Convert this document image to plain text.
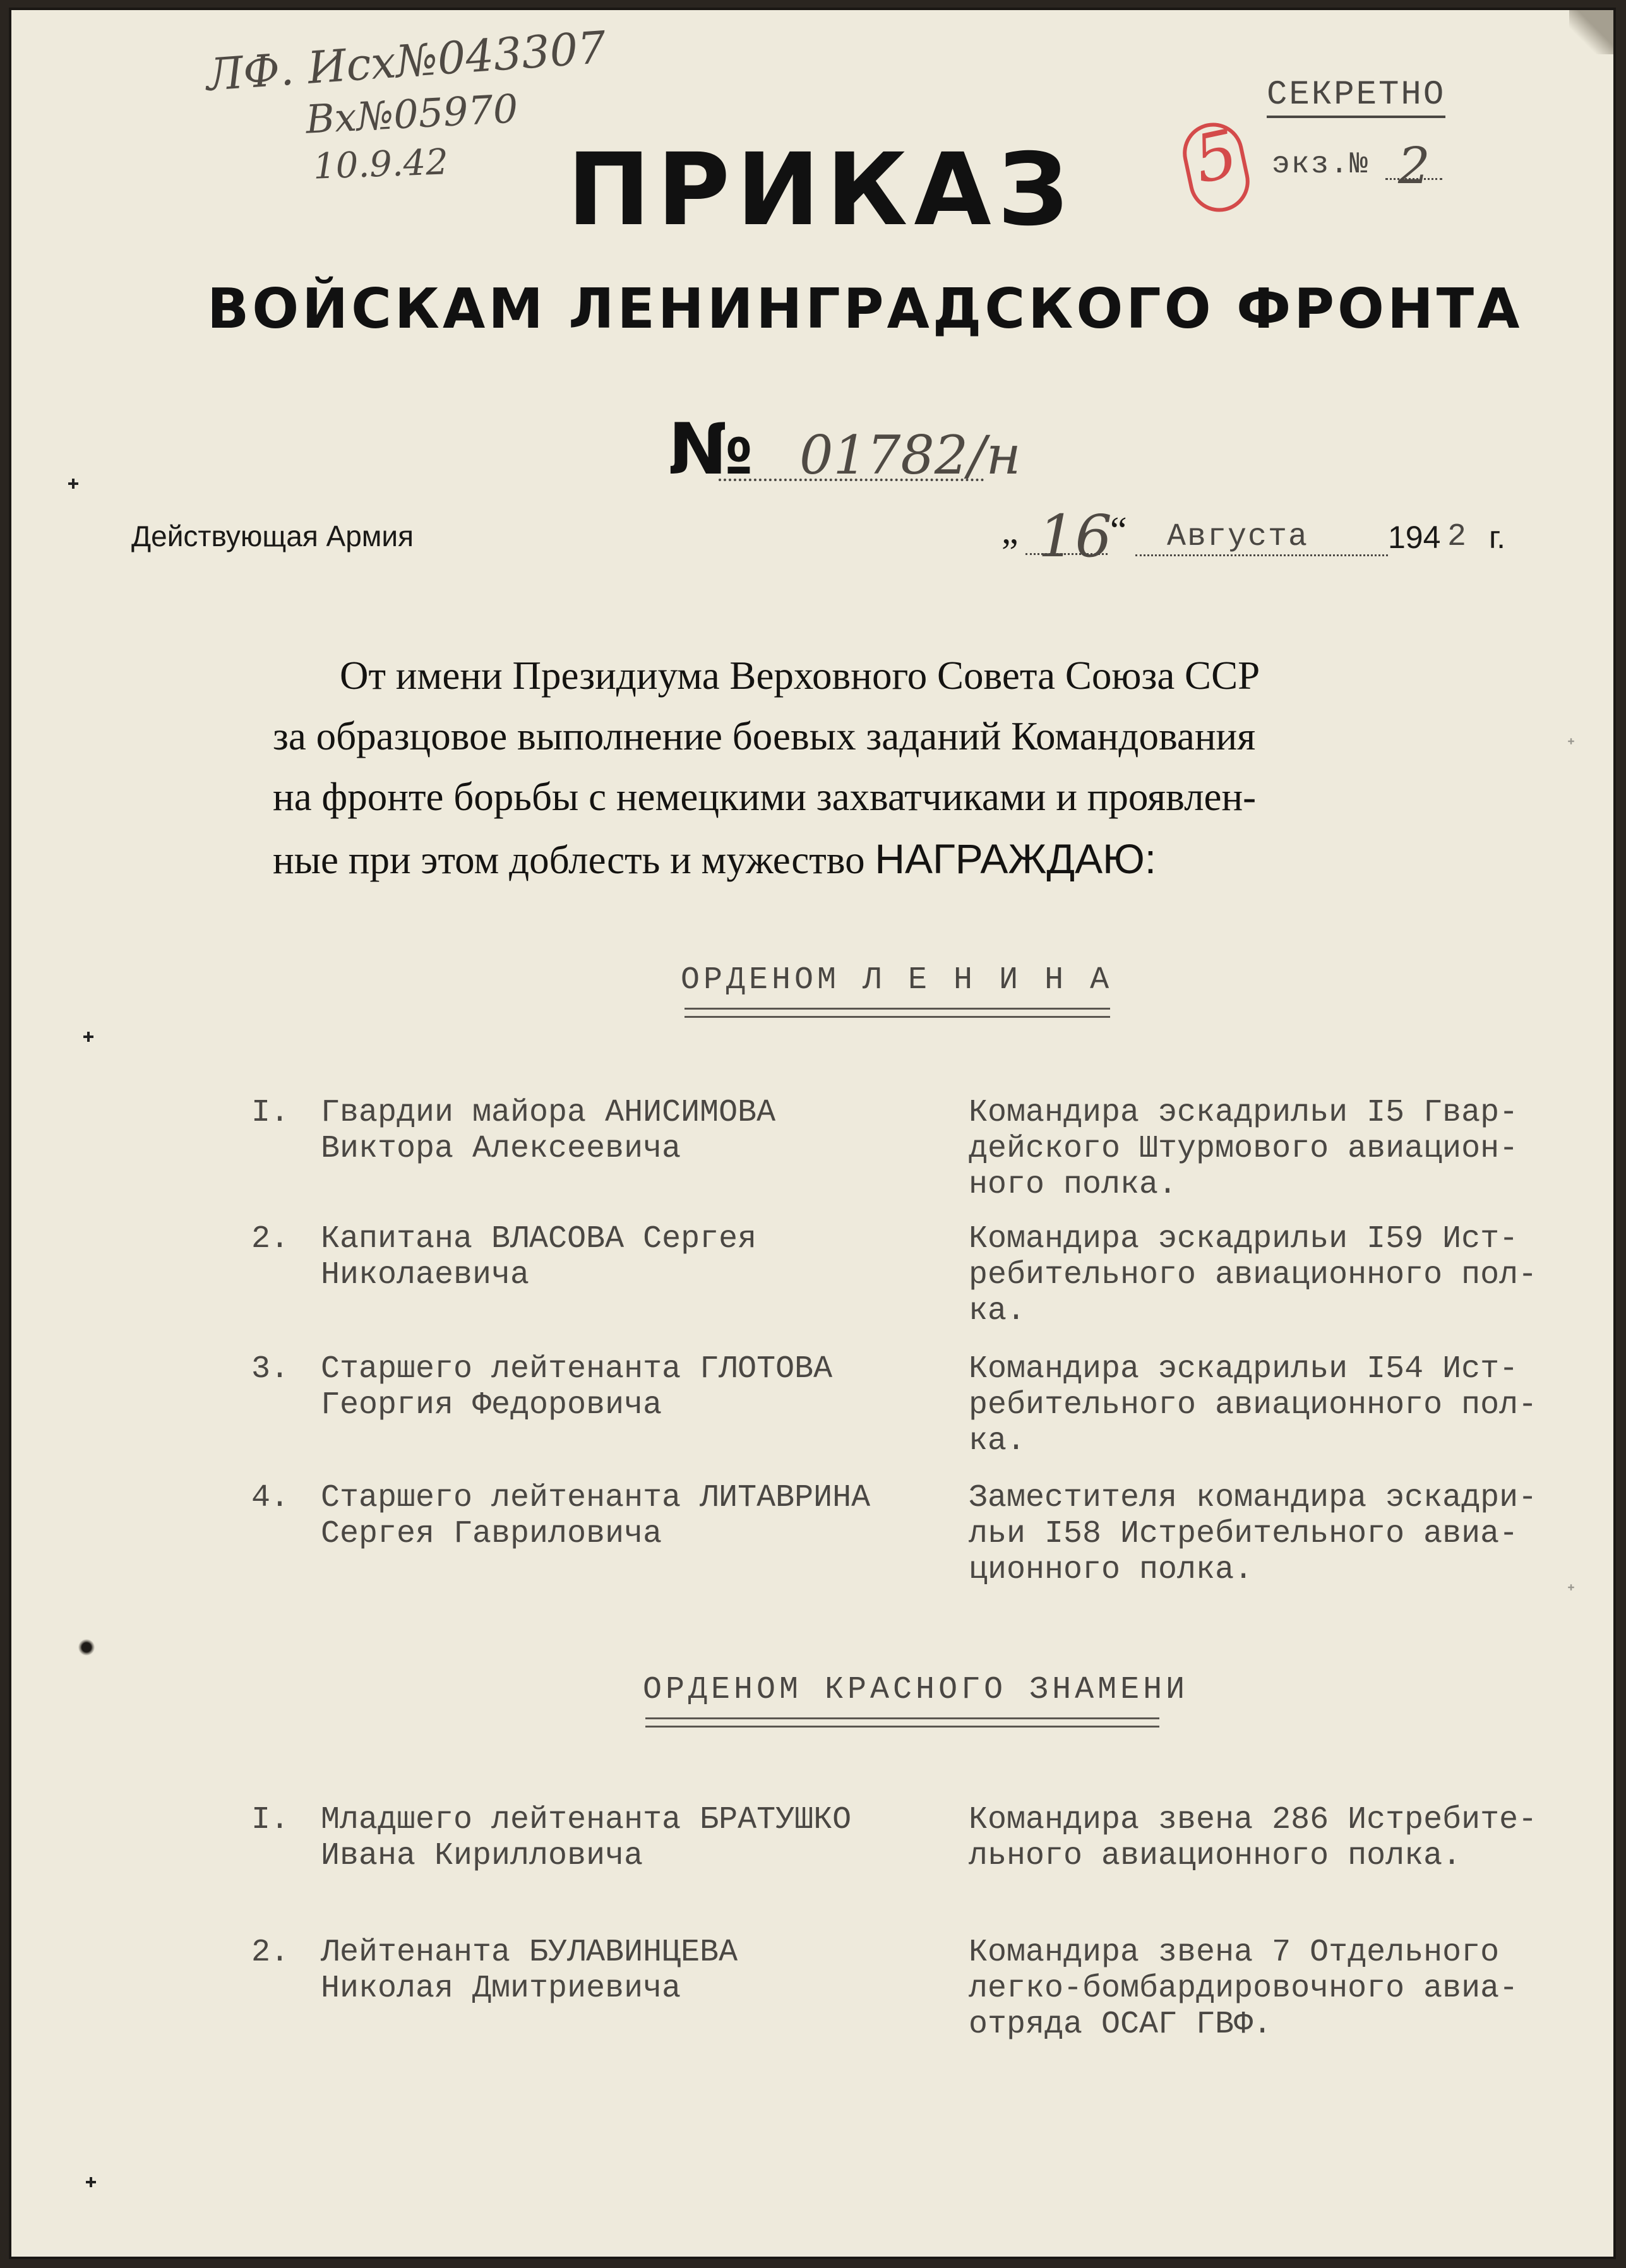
ЛФ. Исх№043307
Вх№05970
10.9.42
СЕКРЕТНО
экз.№ 2
5
ПРИКАЗ
ВОЙСКАМ ЛЕНИНГРАДСКОГО ФРОНТА
№ 01782/н
Действующая Армия	„ 16
“ Августа	194 2 г.
От имени Президиума Верховного Совета Союза ССР
за образцовое выполнение боевых заданий Командования
на фронте борьбы с немецкими захватчиками и проявлен-
ные при этом доблесть и мужество НАГРАЖДАЮ:
ОРДЕНОМ Л Е Н И Н А
I. Гвардии майора АНИСИМОВА
Виктора Алексеевича
Командира эскадрильи I5 Гвар-
дейского Штурмового авиацион-
ного полка.
2. Капитана ВЛАСОВА Сергея
Николаевича
Командира эскадрильи I59 Ист-
ребительного авиационного пол-
ка.
3. Старшего лейтенанта ГЛОТОВА
Георгия Федоровича
Командира эскадрильи I54 Ист-
ребительного авиационного пол-
ка.
4. Старшего лейтенанта ЛИТАВРИНА
Сергея Гавриловича
Заместителя командира эскадри-
льи I58 Истребительного авиа-
ционного полка.
ОРДЕНОМ КРАСНОГО ЗНАМЕНИ
I. Младшего лейтенанта БРАТУШКО
Ивана Кирилловича
Командира звена 286 Истребите-
льного авиационного полка.
2. Лейтенанта БУЛАВИНЦЕВА
Николая Дмитриевича
Командира звена 7 Отдельного
легко-бомбардировочного авиа-
отряда ОСАГ ГВФ.
